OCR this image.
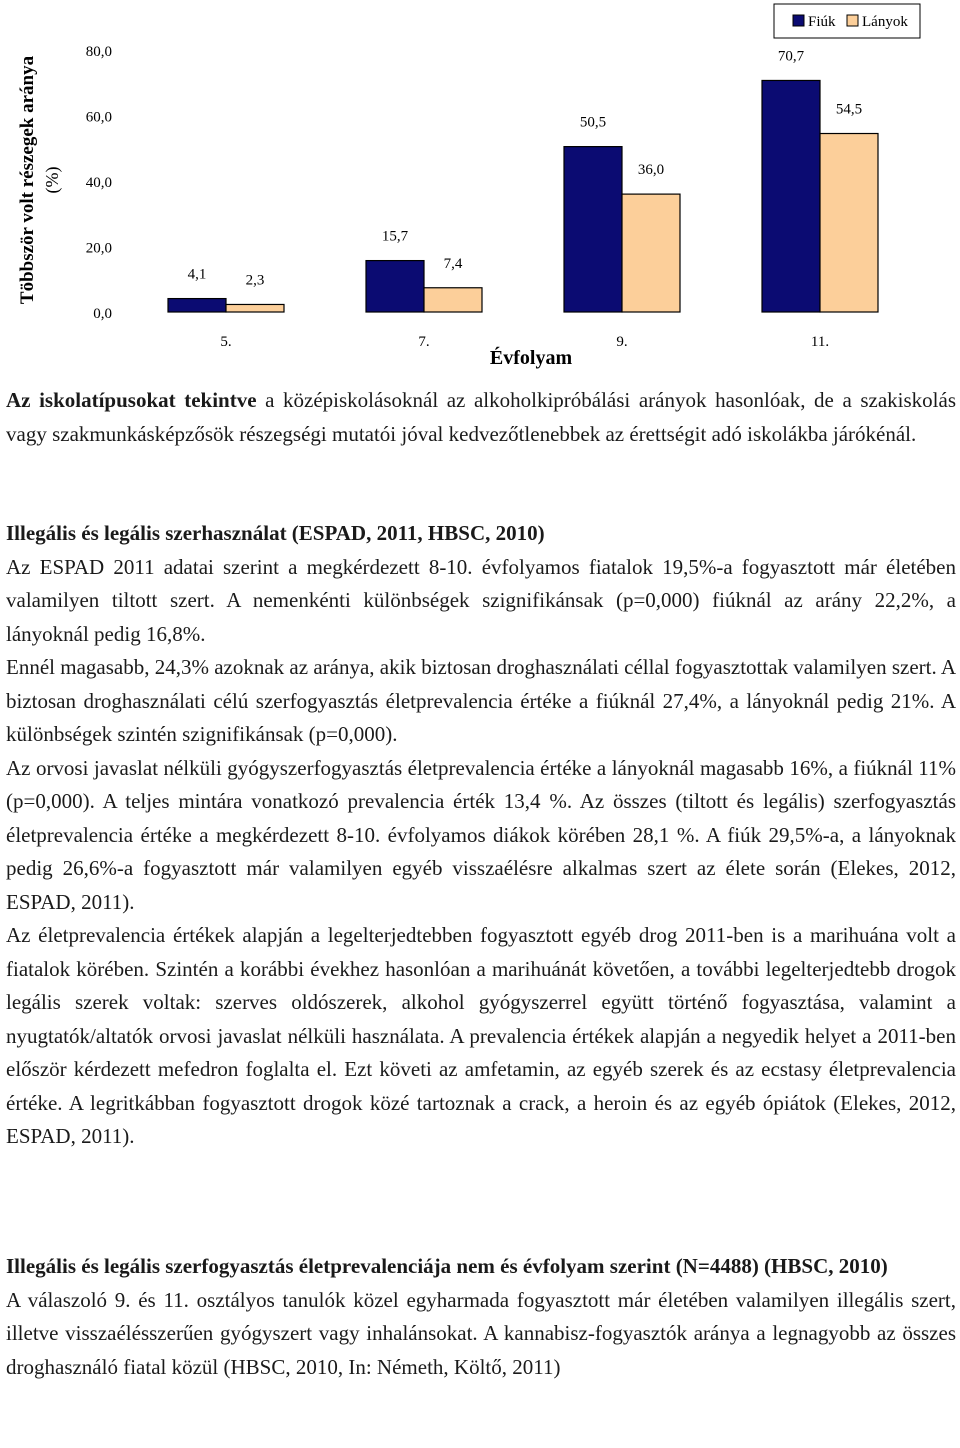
Többször volt részegek aránya (%)
0,0
20,0
40,0
60,0
80,0
4,1	2,3
15,7
7,4
50,5
36,0
70,7
54,5
5.	7.	9.	11.
Évfolyam
Fiúk Lányok

Az iskolatípusokat tekintve a középiskolásoknál az alkoholkipróbálási arányok hasonlóak, de a szakiskolás vagy szakmunkásképzősök részegségi mutatói jóval kedvezőtlenebbek az érettségit adó iskolákba járókénál.

Illegális és legális szerhasználat (ESPAD, 2011, HBSC, 2010)

Az ESPAD 2011 adatai szerint a megkérdezett 8-10. évfolyamos fiatalok 19,5%-a fogyasztott már életében valamilyen tiltott szert. A nemenkénti különbségek szignifikánsak (p=0,000) fiúknál az arány 22,2%, a lányoknál pedig 16,8%.

Ennél magasabb, 24,3% azoknak az aránya, akik biztosan droghasználati céllal fogyasztottak valamilyen szert. A biztosan droghasználati célú szerfogyasztás életprevalencia értéke a fiúknál 27,4%, a lányoknál pedig 21%. A különbségek szintén szignifikánsak (p=0,000).

Az orvosi javaslat nélküli gyógyszerfogyasztás életprevalencia értéke a lányoknál magasabb 16%, a fiúknál 11% (p=0,000). A teljes mintára vonatkozó prevalencia érték 13,4 %. Az összes (tiltott és legális) szerfogyasztás életprevalencia értéke a megkérdezett 8-10. évfolyamos diákok körében 28,1 %. A fiúk 29,5%-a, a lányoknak pedig 26,6%-a fogyasztott már valamilyen egyéb visszaélésre alkalmas szert az élete során (Elekes, 2012, ESPAD, 2011).

Az életprevalencia értékek alapján a legelterjedtebben fogyasztott egyéb drog 2011-ben is a marihuána volt a fiatalok körében. Szintén a korábbi évekhez hasonlóan a marihuánát követően, a további legelterjedtebb drogok legális szerek voltak: szerves oldószerek, alkohol gyógyszerrel együtt történő fogyasztása, valamint a nyugtatók/altatók orvosi javaslat nélküli használata. A prevalencia értékek alapján a negyedik helyet a 2011-ben először kérdezett mefedron foglalta el. Ezt követi az amfetamin, az egyéb szerek és az ecstasy életprevalencia értéke. A legritkábban fogyasztott drogok közé tartoznak a crack, a heroin és az egyéb ópiátok (Elekes, 2012, ESPAD, 2011).

Illegális és legális szerfogyasztás életprevalenciája nem és évfolyam szerint (N=4488) (HBSC, 2010)

A válaszoló 9. és 11. osztályos tanulók közel egyharmada fogyasztott már életében valamilyen illegális szert, illetve visszaélésszerűen gyógyszert vagy inhalánsokat. A kannabisz-fogyasztók aránya a legnagyobb az összes droghasználó fiatal közül (HBSC, 2010, In: Németh, Költő, 2011)
